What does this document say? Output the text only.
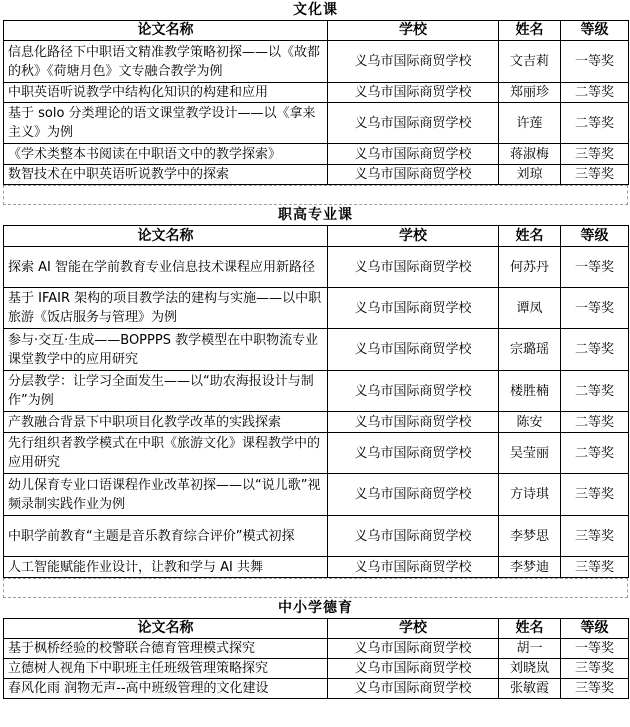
文化课
论文名称	学校	姓名	等级
信息化路径下中职语文精准教学策略初探——以《故都的秋》《荷塘月色》文专融合教学为例	义乌市国际商贸学校	文吉莉	一等奖
中职英语听说教学中结构化知识的构建和应用	义乌市国际商贸学校	郑丽珍	二等奖
基于 solo 分类理论的语文课堂教学设计——以《拿来主义》为例	义乌市国际商贸学校	许莲	二等奖
《学术类整本书阅读在中职语文中的教学探索》	义乌市国际商贸学校	蒋淑梅	三等奖
数智技术在中职英语听说教学中的探索	义乌市国际商贸学校	刘琼	三等奖
职高专业课
论文名称	学校	姓名	等级
探索 AI 智能在学前教育专业信息技术课程应用新路径	义乌市国际商贸学校	何苏丹	一等奖
基于 IFAIR 架构的项目教学法的建构与实施——以中职旅游《饭店服务与管理》为例	义乌市国际商贸学校	谭凤	一等奖
参与·交互·生成——BOPPPS 教学模型在中职物流专业课堂教学中的应用研究	义乌市国际商贸学校	宗璐瑶	二等奖
分层教学：让学习全面发生——以“助农海报设计与制作”为例	义乌市国际商贸学校	楼胜楠	二等奖
产教融合背景下中职项目化教学改革的实践探索	义乌市国际商贸学校	陈安	二等奖
先行组织者教学模式在中职《旅游文化》课程教学中的应用研究	义乌市国际商贸学校	吴莹丽	二等奖
幼儿保育专业口语课程作业改革初探——以“说儿歌”视频录制实践作业为例	义乌市国际商贸学校	方诗琪	三等奖
中职学前教育“主题是音乐教育综合评价”模式初探	义乌市国际商贸学校	李梦思	三等奖
人工智能赋能作业设计，让教和学与 AI 共舞	义乌市国际商贸学校	李梦迪	三等奖
中小学德育
论文名称	学校	姓名	等级
基于枫桥经验的校警联合德育管理模式探究	义乌市国际商贸学校	胡一	一等奖
立德树人视角下中职班主任班级管理策略探究	义乌市国际商贸学校	刘晓岚	三等奖
春风化雨 润物无声--高中班级管理的文化建设	义乌市国际商贸学校	张敏霞	三等奖
